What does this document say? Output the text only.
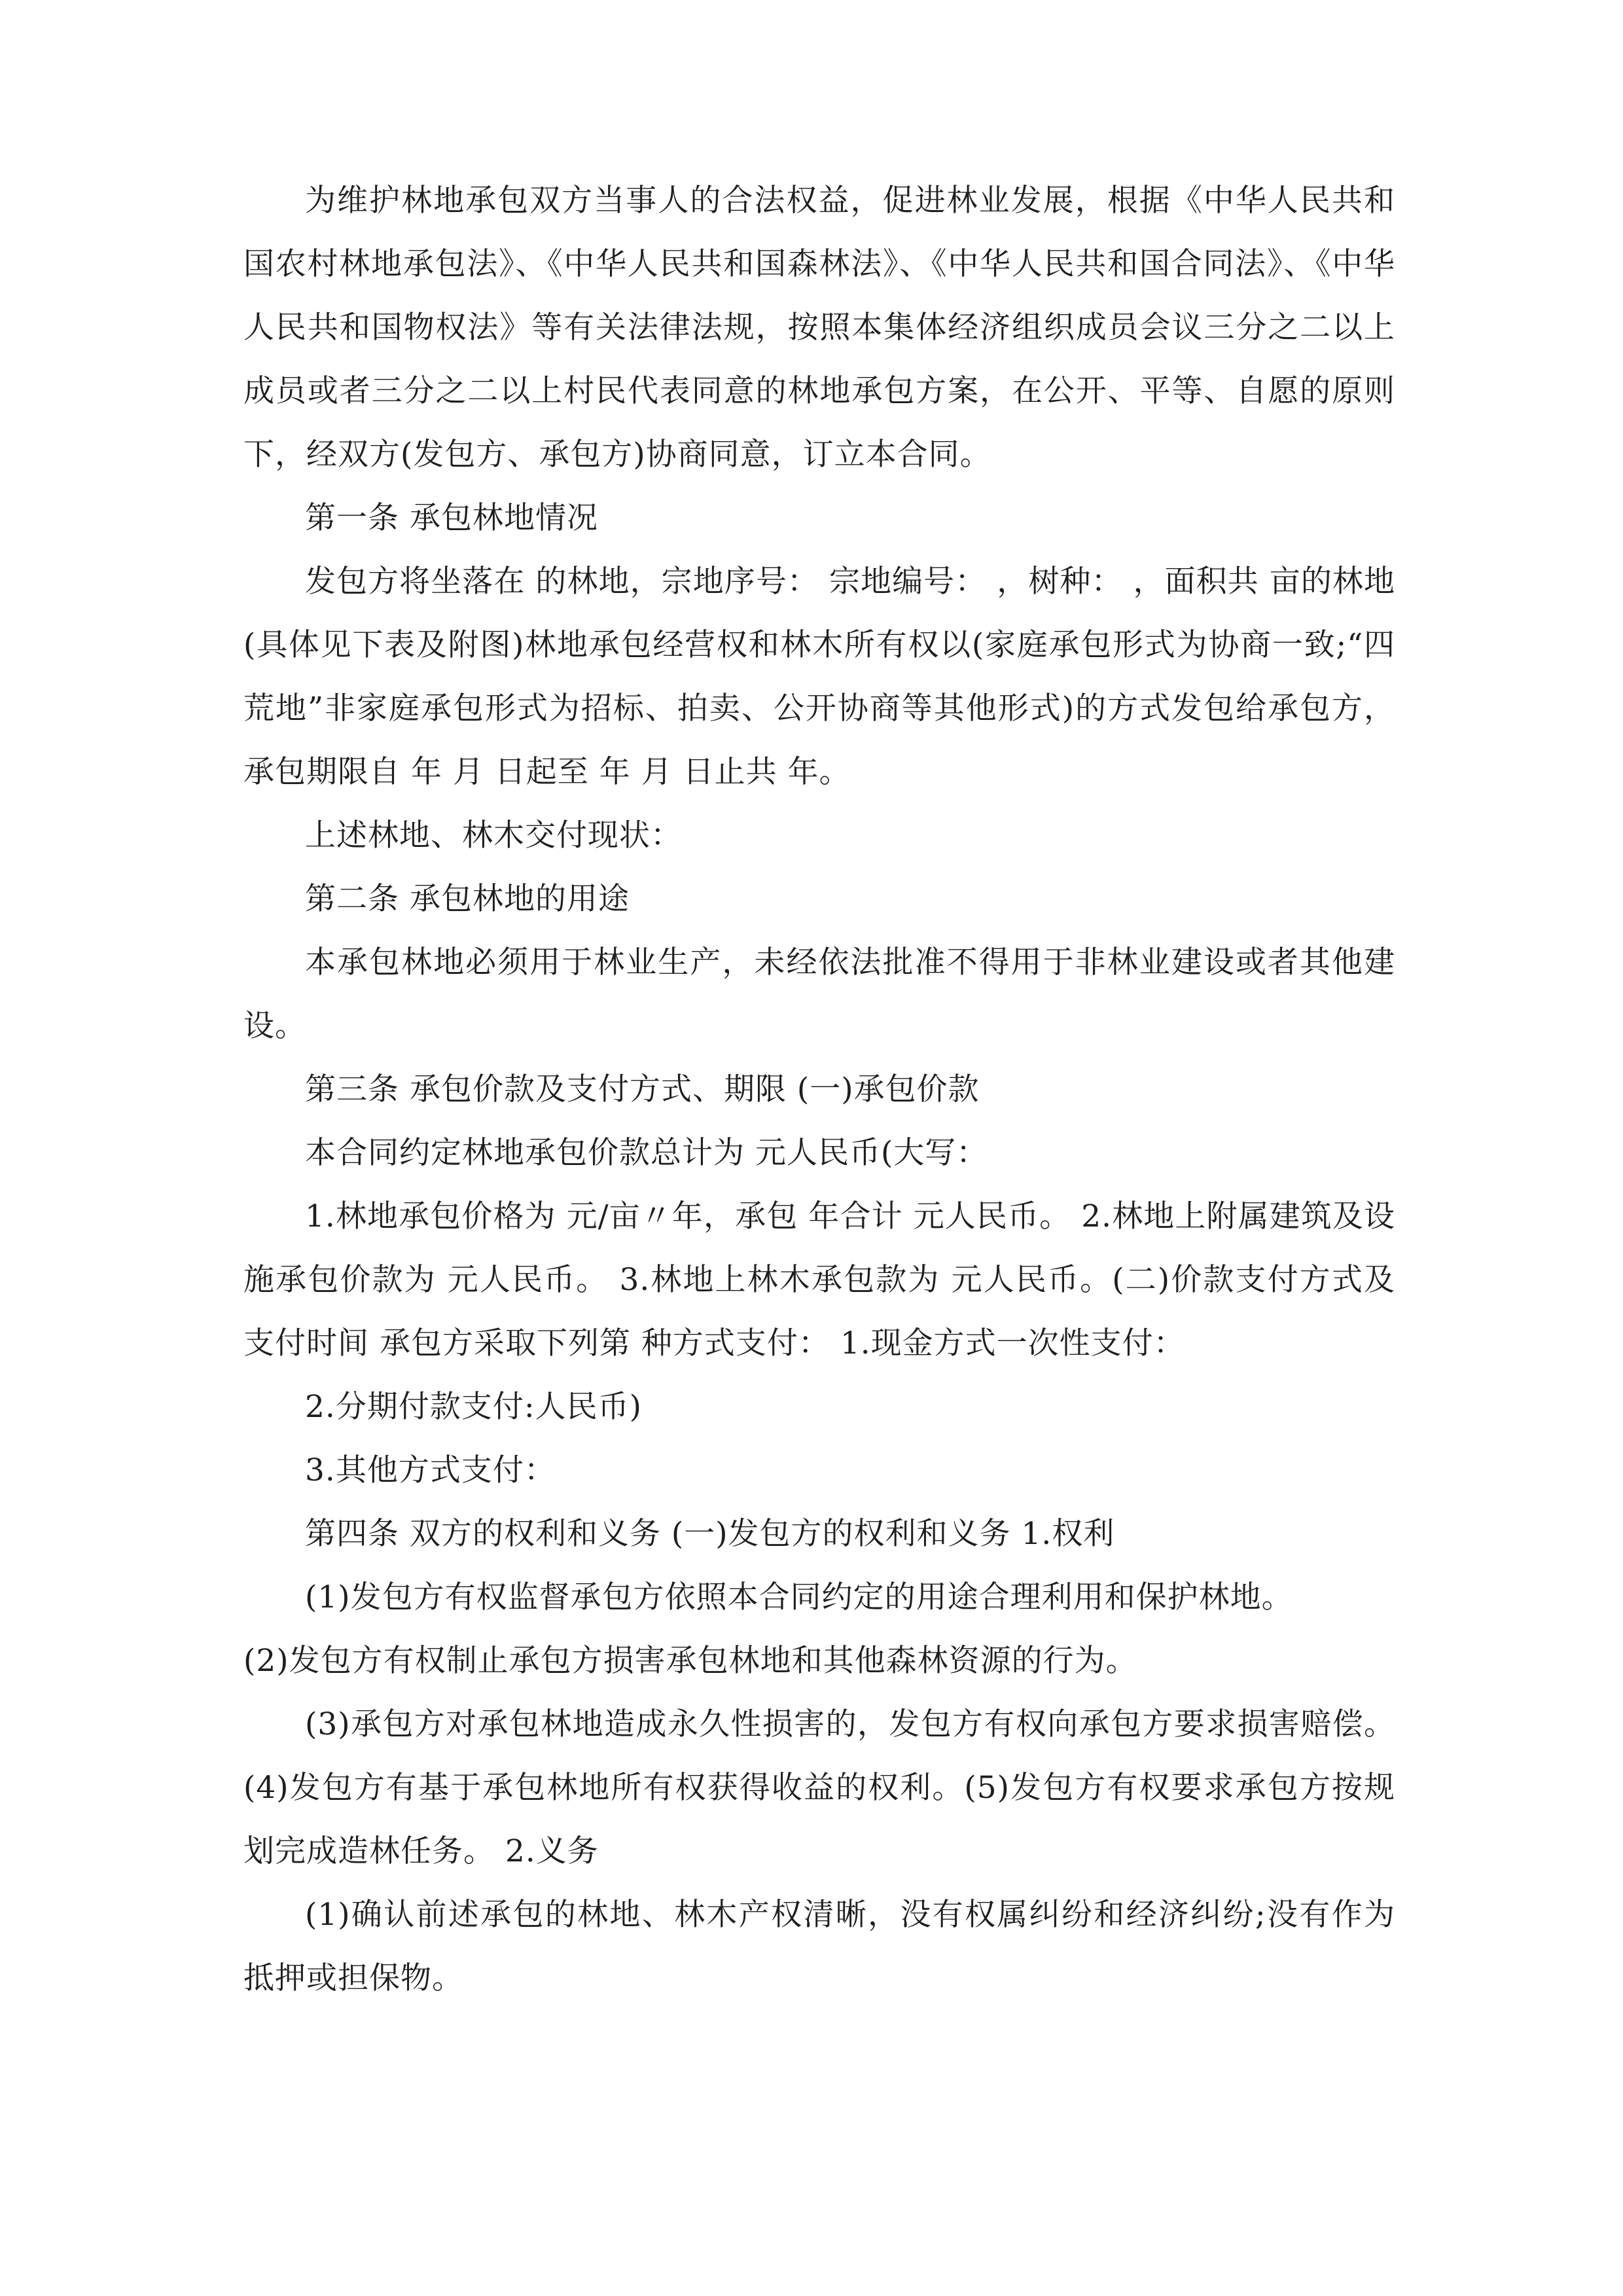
为维护林地承包双方当事人的合法权益，促进林业发展，根据《中华人民共和国农村林地承包法》、《中华人民共和国森林法》、《中华人民共和国合同法》、《中华人民共和国物权法》等有关法律法规，按照本集体经济组织成员会议三分之二以上成员或者三分之二以上村民代表同意的林地承包方案，在公开、平等、自愿的原则下，经双方(发包方、承包方)协商同意，订立本合同。

第一条 承包林地情况

发包方将坐落在 的林地，宗地序号： 宗地编号： ，树种： ，面积共 亩的林地(具体见下表及附图)林地承包经营权和林木所有权以(家庭承包形式为协商一致;“四荒地”非家庭承包形式为招标、拍卖、公开协商等其他形式)的方式发包给承包方，承包期限自 年 月 日起至 年 月 日止共 年。

上述林地、林木交付现状：

第二条 承包林地的用途

本承包林地必须用于林业生产，未经依法批准不得用于非林业建设或者其他建设。

第三条 承包价款及支付方式、期限 (一)承包价款

本合同约定林地承包价款总计为 元人民币(大写：

1.林地承包价格为 元/亩〃年，承包 年合计 元人民币。 2.林地上附属建筑及设施承包价款为 元人民币。 3.林地上林木承包款为 元人民币。(二)价款支付方式及支付时间 承包方采取下列第 种方式支付： 1.现金方式一次性支付：

2.分期付款支付:人民币)

3.其他方式支付：

第四条 双方的权利和义务 (一)发包方的权利和义务 1.权利

(1)发包方有权监督承包方依照本合同约定的用途合理利用和保护林地。

(2)发包方有权制止承包方损害承包林地和其他森林资源的行为。

(3)承包方对承包林地造成永久性损害的，发包方有权向承包方要求损害赔偿。 (4)发包方有基于承包林地所有权获得收益的权利。(5)发包方有权要求承包方按规划完成造林任务。 2.义务

(1)确认前述承包的林地、林木产权清晰，没有权属纠纷和经济纠纷;没有作为抵押或担保物。
